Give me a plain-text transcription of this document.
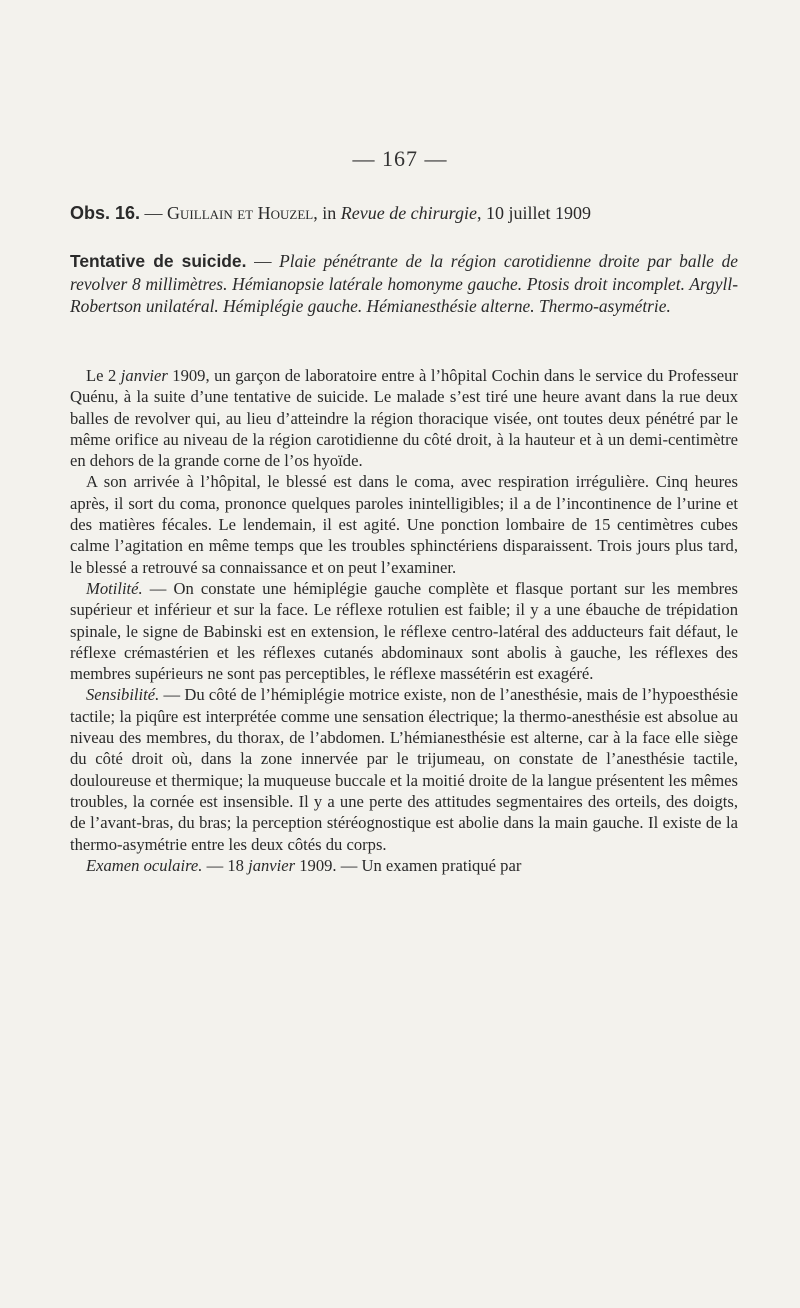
— 167 —
Obs. 16. — Guillain et Houzel, in Revue de chirurgie, 10 juillet 1909
Tentative de suicide. — Plaie pénétrante de la région carotidienne droite par balle de revolver 8 millimètres. Hémianopsie latérale homonyme gauche. Ptosis droit incomplet. Argyll-Robertson unilatéral. Hémiplégie gauche. Hémianesthésie alterne. Thermo-asymétrie.

Le 2 janvier 1909, un garçon de laboratoire entre à l’hôpital Cochin dans le service du Professeur Quénu, à la suite d’une tentative de suicide. Le malade s’est tiré une heure avant dans la rue deux balles de revolver qui, au lieu d’atteindre la région thoracique visée, ont toutes deux pénétré par le même orifice au niveau de la région carotidienne du côté droit, à la hauteur et à un demi-centimètre en dehors de la grande corne de l’os hyoïde.

A son arrivée à l’hôpital, le blessé est dans le coma, avec respiration irrégulière. Cinq heures après, il sort du coma, prononce quelques paroles inintelligibles; il a de l’incontinence de l’urine et des matières fécales. Le lendemain, il est agité. Une ponction lombaire de 15 centimètres cubes calme l’agitation en même temps que les troubles sphinctériens disparaissent. Trois jours plus tard, le blessé a retrouvé sa connaissance et on peut l’examiner.

Motilité. — On constate une hémiplégie gauche complète et flasque portant sur les membres supérieur et inférieur et sur la face. Le réflexe rotulien est faible; il y a une ébauche de trépidation spinale, le signe de Babinski est en extension, le réflexe centro-latéral des adducteurs fait défaut, le réflexe crémastérien et les réflexes cutanés abdominaux sont abolis à gauche, les réflexes des membres supérieurs ne sont pas perceptibles, le réflexe massétérin est exagéré.

Sensibilité. — Du côté de l’hémiplégie motrice existe, non de l’anesthésie, mais de l’hypoesthésie tactile; la piqûre est interprétée comme une sensation électrique; la thermo-anesthésie est absolue au niveau des membres, du thorax, de l’abdomen. L’hémianesthésie est alterne, car à la face elle siège du côté droit où, dans la zone innervée par le trijumeau, on constate de l’anesthésie tactile, douloureuse et thermique; la muqueuse buccale et la moitié droite de la langue présentent les mêmes troubles, la cornée est insensible. Il y a une perte des attitudes segmentaires des orteils, des doigts, de l’avant-bras, du bras; la perception stéréognostique est abolie dans la main gauche. Il existe de la thermo-asymétrie entre les deux côtés du corps.

Examen oculaire. — 18 janvier 1909. — Un examen pratiqué par
